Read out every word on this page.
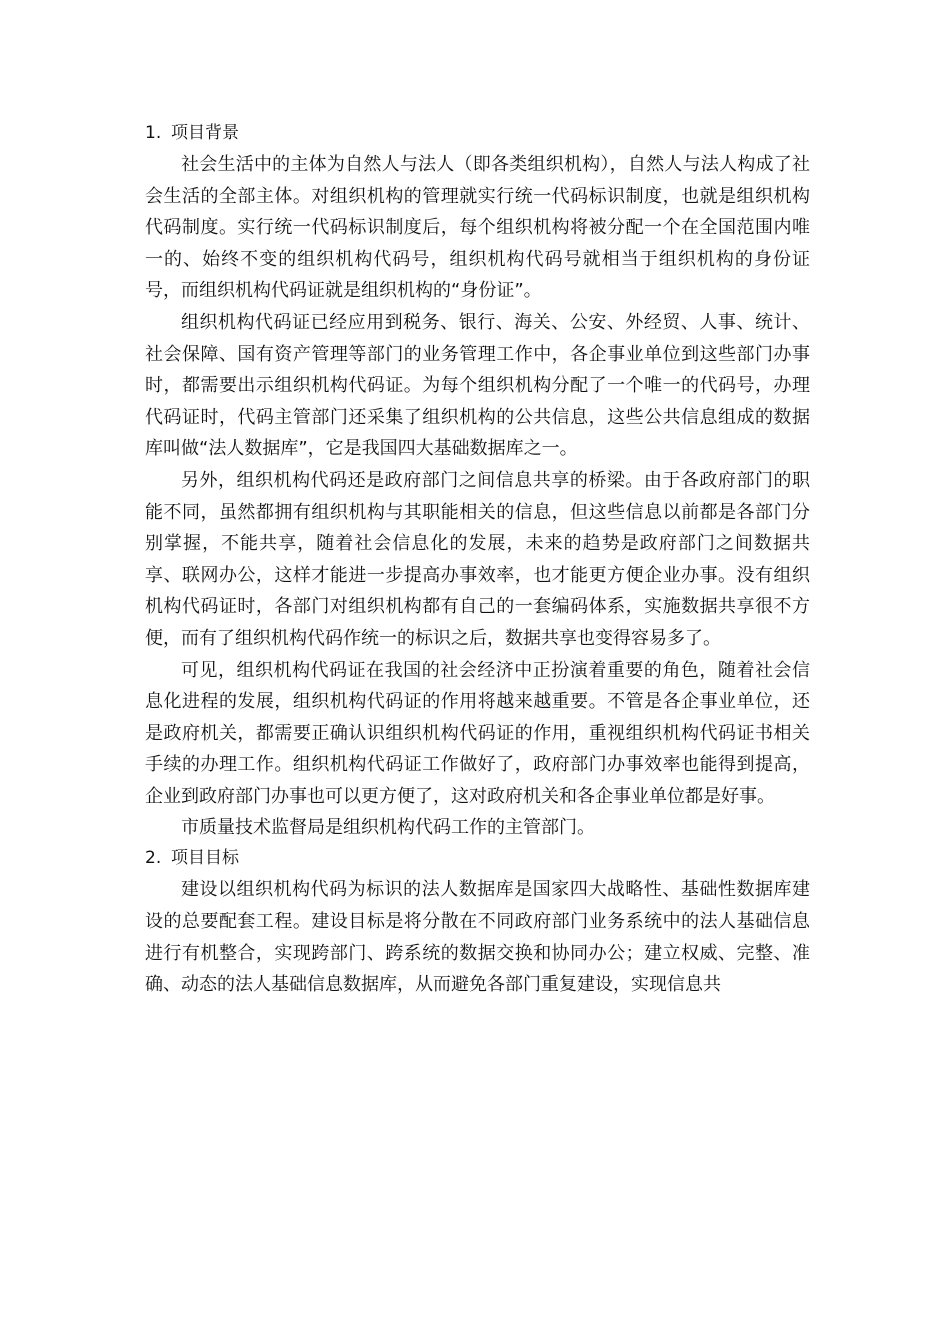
1. 项目背景

社会生活中的主体为自然人与法人（即各类组织机构），自然人与法人构成了社会生活的全部主体。对组织机构的管理就实行统一代码标识制度，也就是组织机构代码制度。实行统一代码标识制度后，每个组织机构将被分配一个在全国范围内唯一的、始终不变的组织机构代码号，组织机构代码号就相当于组织机构的身份证号，而组织机构代码证就是组织机构的“身份证”。

组织机构代码证已经应用到税务、银行、海关、公安、外经贸、人事、统计、社会保障、国有资产管理等部门的业务管理工作中，各企事业单位到这些部门办事时，都需要出示组织机构代码证。为每个组织机构分配了一个唯一的代码号，办理代码证时，代码主管部门还采集了组织机构的公共信息，这些公共信息组成的数据库叫做“法人数据库”，它是我国四大基础数据库之一。

另外，组织机构代码还是政府部门之间信息共享的桥梁。由于各政府部门的职能不同，虽然都拥有组织机构与其职能相关的信息，但这些信息以前都是各部门分别掌握，不能共享，随着社会信息化的发展，未来的趋势是政府部门之间数据共享、联网办公，这样才能进一步提高办事效率，也才能更方便企业办事。没有组织机构代码证时，各部门对组织机构都有自己的一套编码体系，实施数据共享很不方便，而有了组织机构代码作统一的标识之后，数据共享也变得容易多了。

可见，组织机构代码证在我国的社会经济中正扮演着重要的角色，随着社会信息化进程的发展，组织机构代码证的作用将越来越重要。不管是各企事业单位，还是政府机关，都需要正确认识组织机构代码证的作用，重视组织机构代码证书相关手续的办理工作。组织机构代码证工作做好了，政府部门办事效率也能得到提高，企业到政府部门办事也可以更方便了，这对政府机关和各企事业单位都是好事。

市质量技术监督局是组织机构代码工作的主管部门。

2. 项目目标

建设以组织机构代码为标识的法人数据库是国家四大战略性、基础性数据库建设的总要配套工程。建设目标是将分散在不同政府部门业务系统中的法人基础信息进行有机整合，实现跨部门、跨系统的数据交换和协同办公；建立权威、完整、准确、动态的法人基础信息数据库，从而避免各部门重复建设，实现信息共
